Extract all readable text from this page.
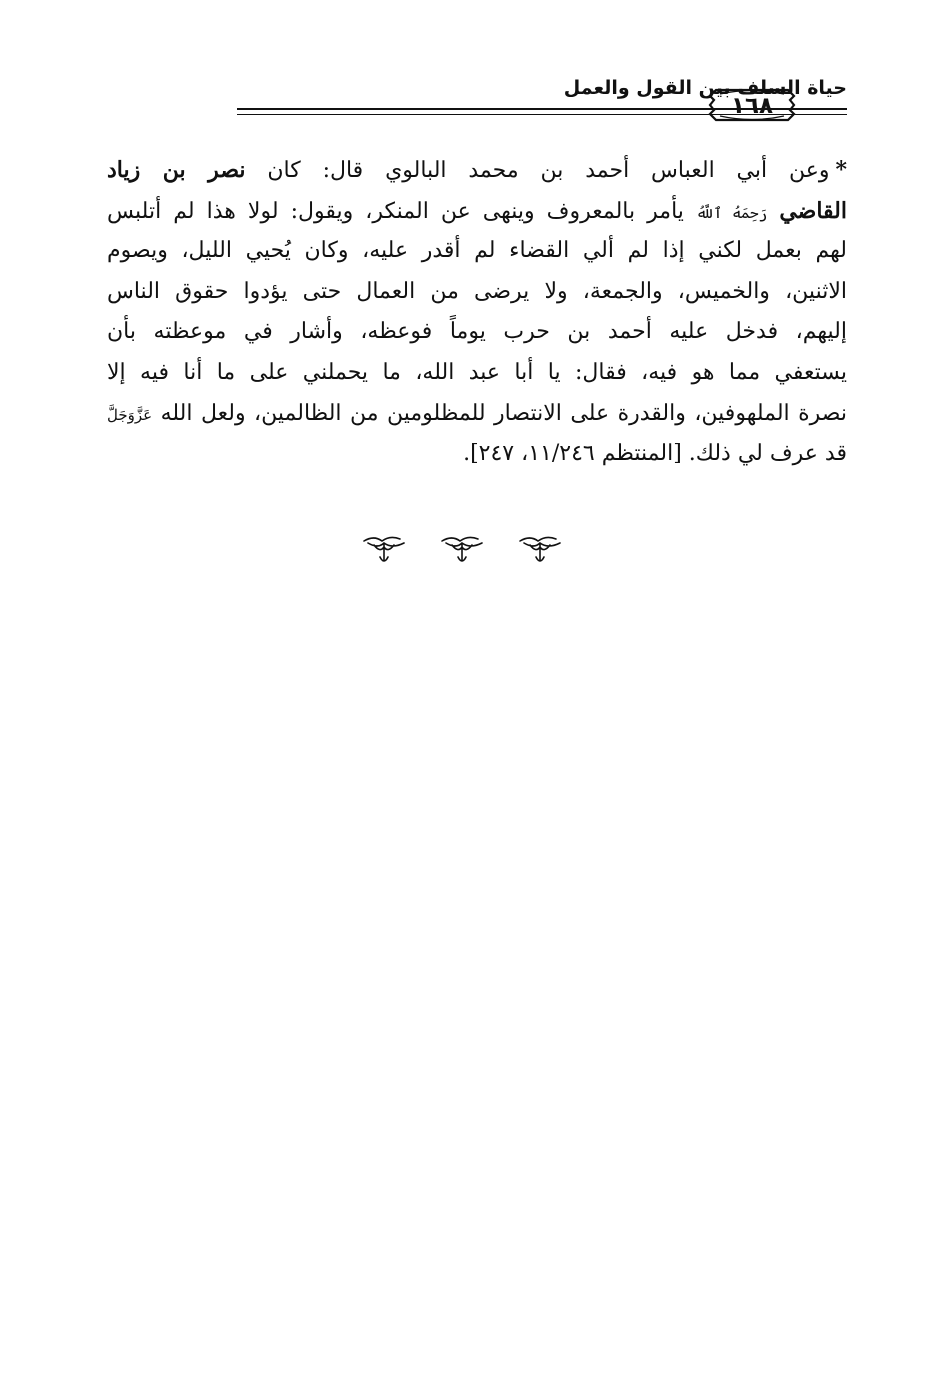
حياة السلف بين القول والعمل
١٦٨
*وعن أبي العباس أحمد بن محمد البالوي قال: كان نصر بن زياد
القاضي رَحِمَهُ ٱللَّهُ يأمر بالمعروف وينهى عن المنكر، ويقول: لولا هذا لم أتلبس
لهم بعمل لكني إذا لم ألي القضاء لم أقدر عليه، وكان يُحيي الليل، ويصوم
الاثنين، والخميس، والجمعة، ولا يرضى من العمال حتى يؤدوا حقوق الناس
إليهم، فدخل عليه أحمد بن حرب يوماً فوعظه، وأشار في موعظته بأن
يستعفي مما هو فيه، فقال: يا أبا عبد الله، ما يحملني على ما أنا فيه إلا
نصرة الملهوفين، والقدرة على الانتصار للمظلومين من الظالمين، ولعل الله عَزَّوَجَلَّ
قد عرف لي ذلك. [المنتظم ١١/٢٤٦، ٢٤٧].
